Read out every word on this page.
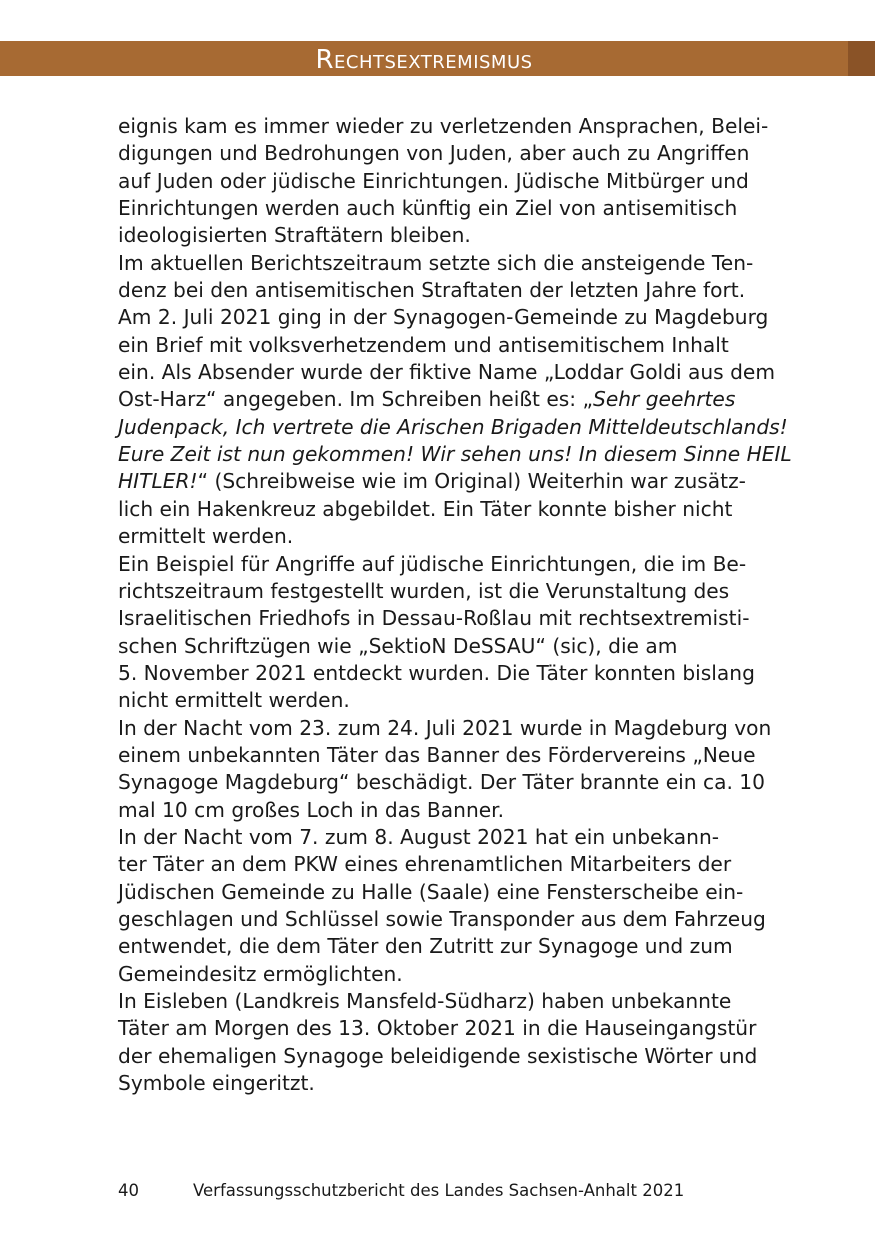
Rechtsextremismus
eignis kam es immer wieder zu verletzenden Ansprachen, Belei-
digungen und Bedrohungen von Juden, aber auch zu Angriffen
auf Juden oder jüdische Einrichtungen. Jüdische Mitbürger und
Einrichtungen werden auch künftig ein Ziel von antisemitisch
ideologisierten Straftätern bleiben.
Im aktuellen Berichtszeitraum setzte sich die ansteigende Ten-
denz bei den antisemitischen Straftaten der letzten Jahre fort.
Am 2. Juli 2021 ging in der Synagogen-Gemeinde zu Magdeburg
ein Brief mit volksverhetzendem und antisemitischem Inhalt
ein. Als Absender wurde der fiktive Name „Loddar Goldi aus dem
Ost-Harz“ angegeben. Im Schreiben heißt es: „Sehr geehrtes
Judenpack, Ich vertrete die Arischen Brigaden Mitteldeutschlands!
Eure Zeit ist nun gekommen! Wir sehen uns! In diesem Sinne HEIL
HITLER!“ (Schreibweise wie im Original) Weiterhin war zusätz-
lich ein Hakenkreuz abgebildet. Ein Täter konnte bisher nicht
ermittelt werden.
Ein Beispiel für Angriffe auf jüdische Einrichtungen, die im Be-
richtszeitraum festgestellt wurden, ist die Verunstaltung des
Israelitischen Friedhofs in Dessau-Roßlau mit rechtsextremisti-
schen Schriftzügen wie „SektioN DeSSAU“ (sic), die am
5. November 2021 entdeckt wurden. Die Täter konnten bislang
nicht ermittelt werden.
In der Nacht vom 23. zum 24. Juli 2021 wurde in Magdeburg von
einem unbekannten Täter das Banner des Fördervereins „Neue
Synagoge Magdeburg“ beschädigt. Der Täter brannte ein ca. 10
mal 10 cm großes Loch in das Banner.
In der Nacht vom 7. zum 8. August 2021 hat ein unbekann-
ter Täter an dem PKW eines ehrenamtlichen Mitarbeiters der
Jüdischen Gemeinde zu Halle (Saale) eine Fensterscheibe ein-
geschlagen und Schlüssel sowie Transponder aus dem Fahrzeug
entwendet, die dem Täter den Zutritt zur Synagoge und zum
Gemeindesitz ermöglichten.
In Eisleben (Landkreis Mansfeld-Südharz) haben unbekannte
Täter am Morgen des 13. Oktober 2021 in die Hauseingangstür
der ehemaligen Synagoge beleidigende sexistische Wörter und
Symbole eingeritzt.
40	Verfassungsschutzbericht des Landes Sachsen-Anhalt 2021
